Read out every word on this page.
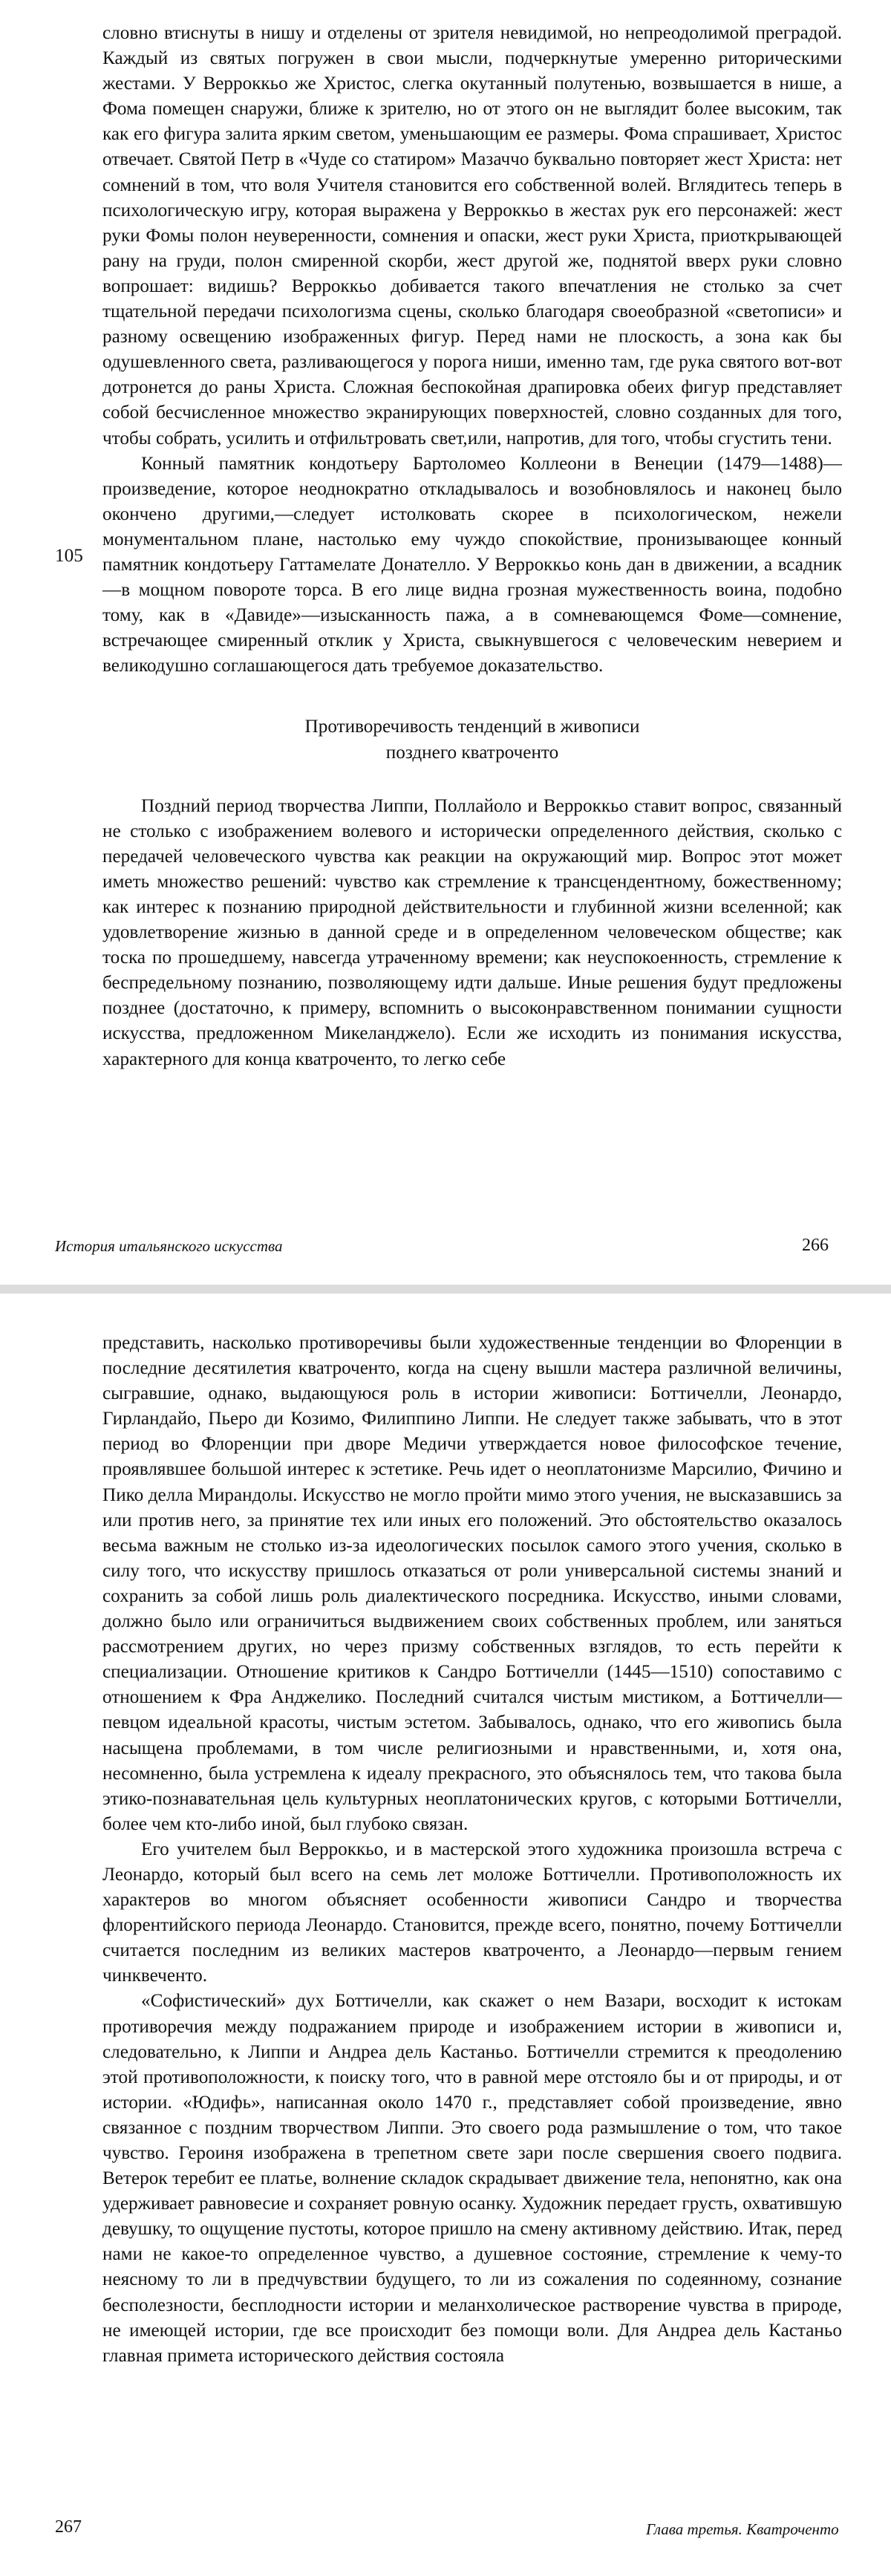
словно втиснуты в нишу и отделены от зрителя невидимой, но непреодолимой преградой. Каждый из святых погружен в свои мысли, подчеркнутые умеренно риторическими жестами. У Верроккьо же Христос, слегка окутанный полутенью, возвышается в нише, а Фома помещен снаружи, ближе к зрителю, но от этого он не выглядит более высоким, так как его фигура залита ярким светом, уменьшающим ее размеры. Фома спрашивает, Христос отвечает. Святой Петр в «Чуде со статиром» Мазаччо буквально повторяет жест Христа: нет сомнений в том, что воля Учителя становится его собственной волей. Вглядитесь теперь в психологическую игру, которая выражена у Верроккьо в жестах рук его персонажей: жест руки Фомы полон неуверенности, сомнения и опаски, жест руки Христа, приоткрывающей рану на груди, полон смиренной скорби, жест другой же, поднятой вверх руки словно вопрошает: видишь? Верроккьо добивается такого впечатления не столько за счет тщательной передачи психологизма сцены, сколько благодаря своеобразной «светописи» и разному освещению изображенных фигур. Перед нами не плоскость, а зона как бы одушевленного света, разливающегося у порога ниши, именно там, где рука святого вот-вот дотронется до раны Христа. Сложная беспокойная драпировка обеих фигур представляет собой бесчисленное множество экранирующих поверхностей, словно созданных для того, чтобы собрать, усилить и отфильтровать свет,или, напротив, для того, чтобы сгустить тени.

Конный памятник кондотьеру Бартоломео Коллеони в Венеции (1479—1488)—произведение, которое неоднократно откладывалось и возобновлялось и наконец было окончено другими,—следует истолковать скорее в психологическом, нежели монументальном плане, настолько ему чуждо спокойствие, пронизывающее конный памятник кондотьеру Гаттамелате Донателло. У Верроккьо конь дан в движении, а всадник—в мощном повороте торса. В его лице видна грозная мужественность воина, подобно тому, как в «Давиде»—изысканность пажа, а в сомневающемся Фоме—сомнение, встречающее смиренный отклик у Христа, свыкнувшегося с человеческим неверием и великодушно соглашающегося дать требуемое доказательство.

Противоречивость тенденций в живописи
позднего кватроченто

Поздний период творчества Липпи, Поллайоло и Верроккьо ставит вопрос, связанный не столько с изображением волевого и исторически определенного действия, сколько с передачей человеческого чувства как реакции на окружающий мир. Вопрос этот может иметь множество решений: чувство как стремление к трансцендентному, божественному; как интерес к познанию природной действительности и глубинной жизни вселенной; как удовлетворение жизнью в данной среде и в определенном человеческом обществе; как тоска по прошедшему, навсегда утраченному времени; как неуспокоенность, стремление к беспредельному познанию, позволяющему идти дальше. Иные решения будут предложены позднее (достаточно, к примеру, вспомнить о высоконравственном понимании сущности искусства, предложенном Микеланджело). Если же исходить из понимания искусства, характерного для конца кватроченто, то легко себе

105
История итальянского искусства	266

представить, насколько противоречивы были художественные тенденции во Флоренции в последние десятилетия кватроченто, когда на сцену вышли мастера различной величины, сыгравшие, однако, выдающуюся роль в истории живописи: Боттичелли, Леонардо, Гирландайо, Пьеро ди Козимо, Филиппино Липпи. Не следует также забывать, что в этот период во Флоренции при дворе Медичи утверждается новое философское течение, проявлявшее большой интерес к эстетике. Речь идет о неоплатонизме Марсилио, Фичино и Пико делла Мирандолы. Искусство не могло пройти мимо этого учения, не высказавшись за или против него, за принятие тех или иных его положений. Это обстоятельство оказалось весьма важным не столько из-за идеологических посылок самого этого учения, сколько в силу того, что искусству пришлось отказаться от роли универсальной системы знаний и сохранить за собой лишь роль диалектического посредника. Искусство, иными словами, должно было или ограничиться выдвижением своих собственных проблем, или заняться рассмотрением других, но через призму собственных взглядов, то есть перейти к специализации. Отношение критиков к Сандро Боттичелли (1445—1510) сопоставимо с отношением к Фра Анджелико. Последний считался чистым мистиком, а Боттичелли—певцом идеальной красоты, чистым эстетом. Забывалось, однако, что его живопись была насыщена проблемами, в том числе религиозными и нравственными, и, хотя она, несомненно, была устремлена к идеалу прекрасного, это объяснялось тем, что такова была этико-познавательная цель культурных неоплатонических кругов, с которыми Боттичелли, более чем кто-либо иной, был глубоко связан.

Его учителем был Верроккьо, и в мастерской этого художника произошла встреча с Леонардо, который был всего на семь лет моложе Боттичелли. Противоположность их характеров во многом объясняет особенности живописи Сандро и творчества флорентийского периода Леонардо. Становится, прежде всего, понятно, почему Боттичелли считается последним из великих мастеров кватроченто, а Леонардо—первым гением чинквеченто.

«Софистический» дух Боттичелли, как скажет о нем Вазари, восходит к истокам противоречия между подражанием природе и изображением истории в живописи и, следовательно, к Липпи и Андреа дель Кастаньо. Боттичелли стремится к преодолению этой противоположности, к поиску того, что в равной мере отстояло бы и от природы, и от истории. «Юдифь», написанная около 1470 г., представляет собой произведение, явно связанное с поздним творчеством Липпи. Это своего рода размышление о том, что такое чувство. Героиня изображена в трепетном свете зари после свершения своего подвига. Ветерок теребит ее платье, волнение складок скрадывает движение тела, непонятно, как она удерживает равновесие и сохраняет ровную осанку. Художник передает грусть, охватившую девушку, то ощущение пустоты, которое пришло на смену активному действию. Итак, перед нами не какое-то определенное чувство, а душевное состояние, стремление к чему-то неясному то ли в предчувствии будущего, то ли из сожаления по содеянному, сознание бесполезности, бесплодности истории и меланхолическое растворение чувства в природе, не имеющей истории, где все происходит без помощи воли. Для Андреа дель Кастаньо главная примета исторического действия состояла

267	Глава третья. Кватроченто
